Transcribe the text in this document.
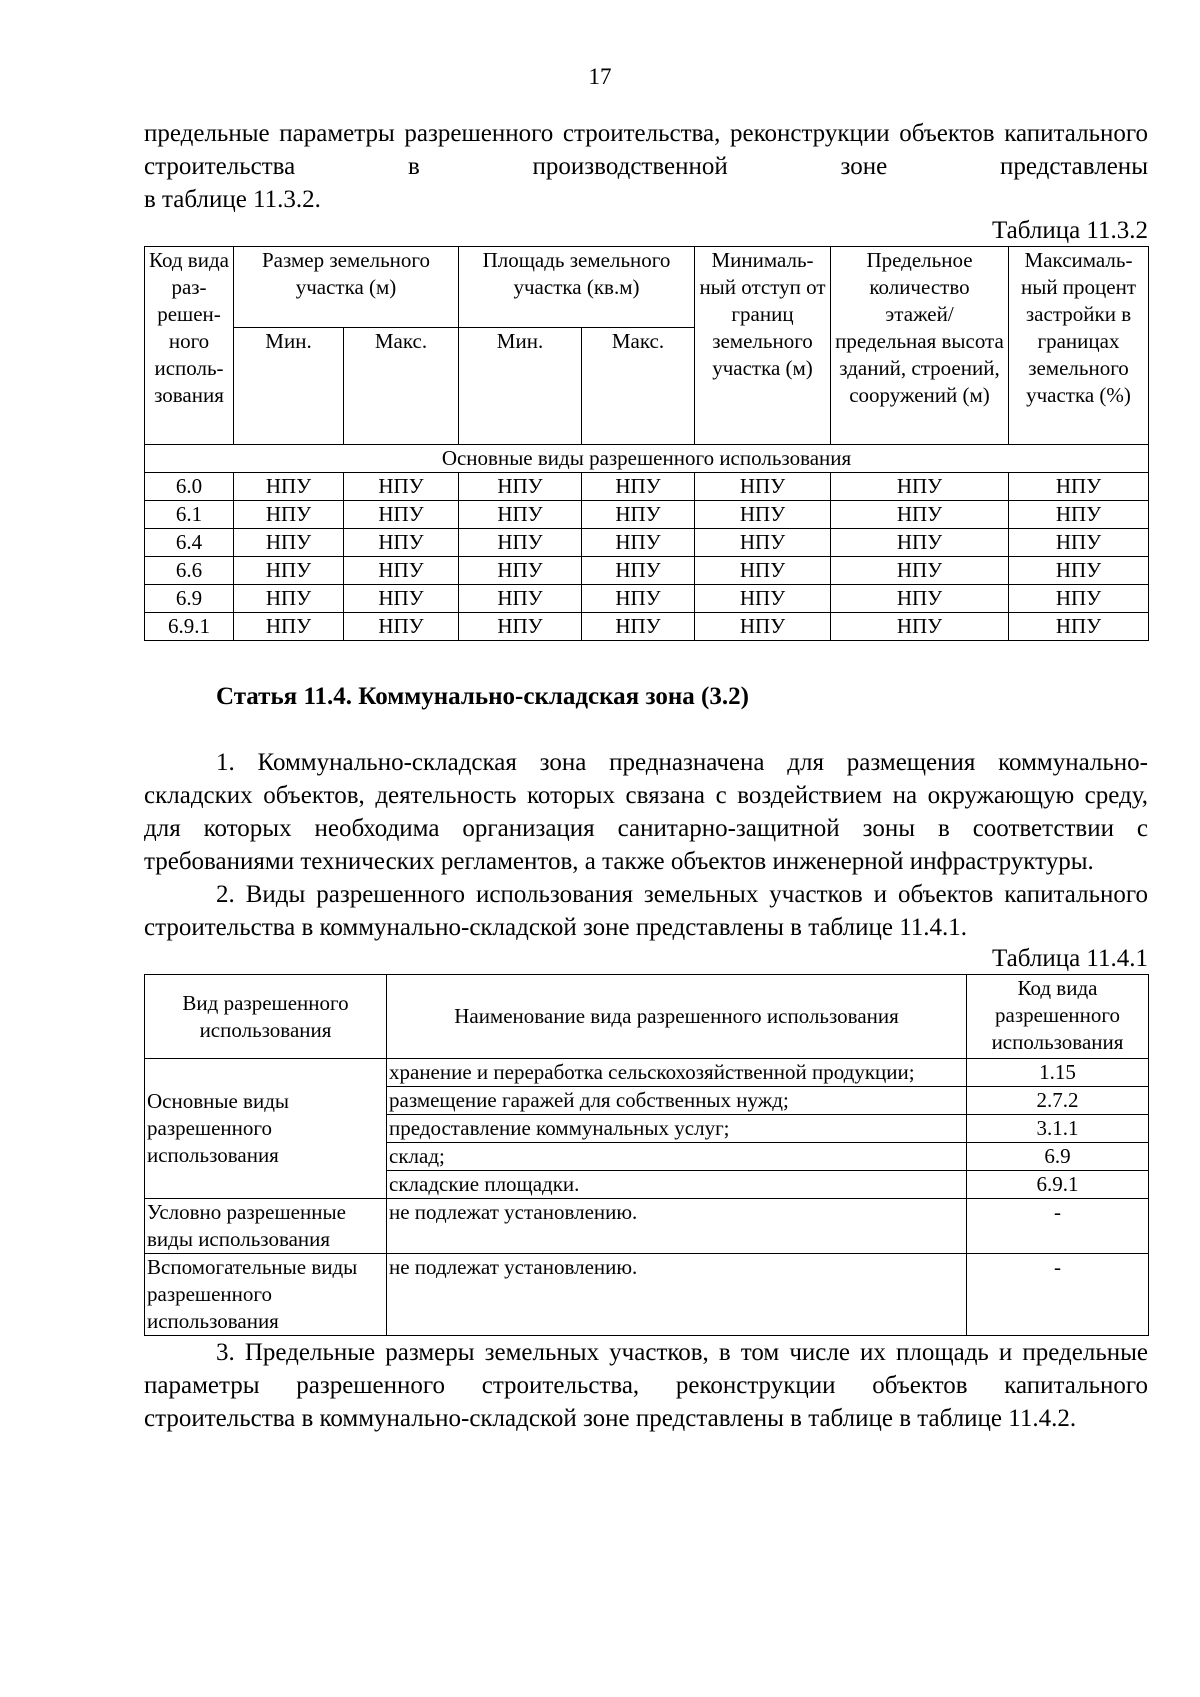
17

предельные параметры разрешенного строительства, реконструкции объектов капитального строительства в производственной зоне представлены

в таблице 11.3.2.

Таблица 11.3.2

Код вида раз-решен-ного исполь-зования	Размер земельного участка (м)		Площадь земельного участка (кв.м)		Минималь-ный отступ от границ земельного участка (м)	Предельное количество этажей/ предельная высота зданий, строений, сооружений (м)	Максималь-ный процент застройки в границах земельного участка (%)
	Мин.	Макс.	Мин.	Макс.			
Основные виды разрешенного использования							
6.0	НПУ	НПУ	НПУ	НПУ	НПУ	НПУ	НПУ
6.1	НПУ	НПУ	НПУ	НПУ	НПУ	НПУ	НПУ
6.4	НПУ	НПУ	НПУ	НПУ	НПУ	НПУ	НПУ
6.6	НПУ	НПУ	НПУ	НПУ	НПУ	НПУ	НПУ
6.9	НПУ	НПУ	НПУ	НПУ	НПУ	НПУ	НПУ
6.9.1	НПУ	НПУ	НПУ	НПУ	НПУ	НПУ	НПУ

Статья 11.4. Коммунально-складская зона (3.2)

1. Коммунально-складская зона предназначена для размещения коммунально-складских объектов, деятельность которых связана с воздействием на окружающую среду, для которых необходима организация санитарно-защитной зоны в соответствии с требованиями технических регламентов, а также объектов инженерной инфраструктуры.

2. Виды разрешенного использования земельных участков и объектов капитального строительства в коммунально-складской зоне представлены в таблице 11.4.1.

Таблица 11.4.1

Вид разрешенного использования	Наименование вида разрешенного использования	Код вида разрешенного использования
Основные виды разрешенного использования	хранение и переработка сельскохозяйственной продукции;	1.15
	размещение гаражей для собственных нужд;	2.7.2
	предоставление коммунальных услуг;	3.1.1
	склад;	6.9
	складские площадки.	6.9.1
Условно разрешенные виды использования	не подлежат установлению.	-
Вспомогательные виды разрешенного использования	не подлежат установлению.	-

3. Предельные размеры земельных участков, в том числе их площадь и предельные параметры разрешенного строительства, реконструкции объектов капитального строительства в коммунально-складской зоне представлены в таблице в таблице 11.4.2.
